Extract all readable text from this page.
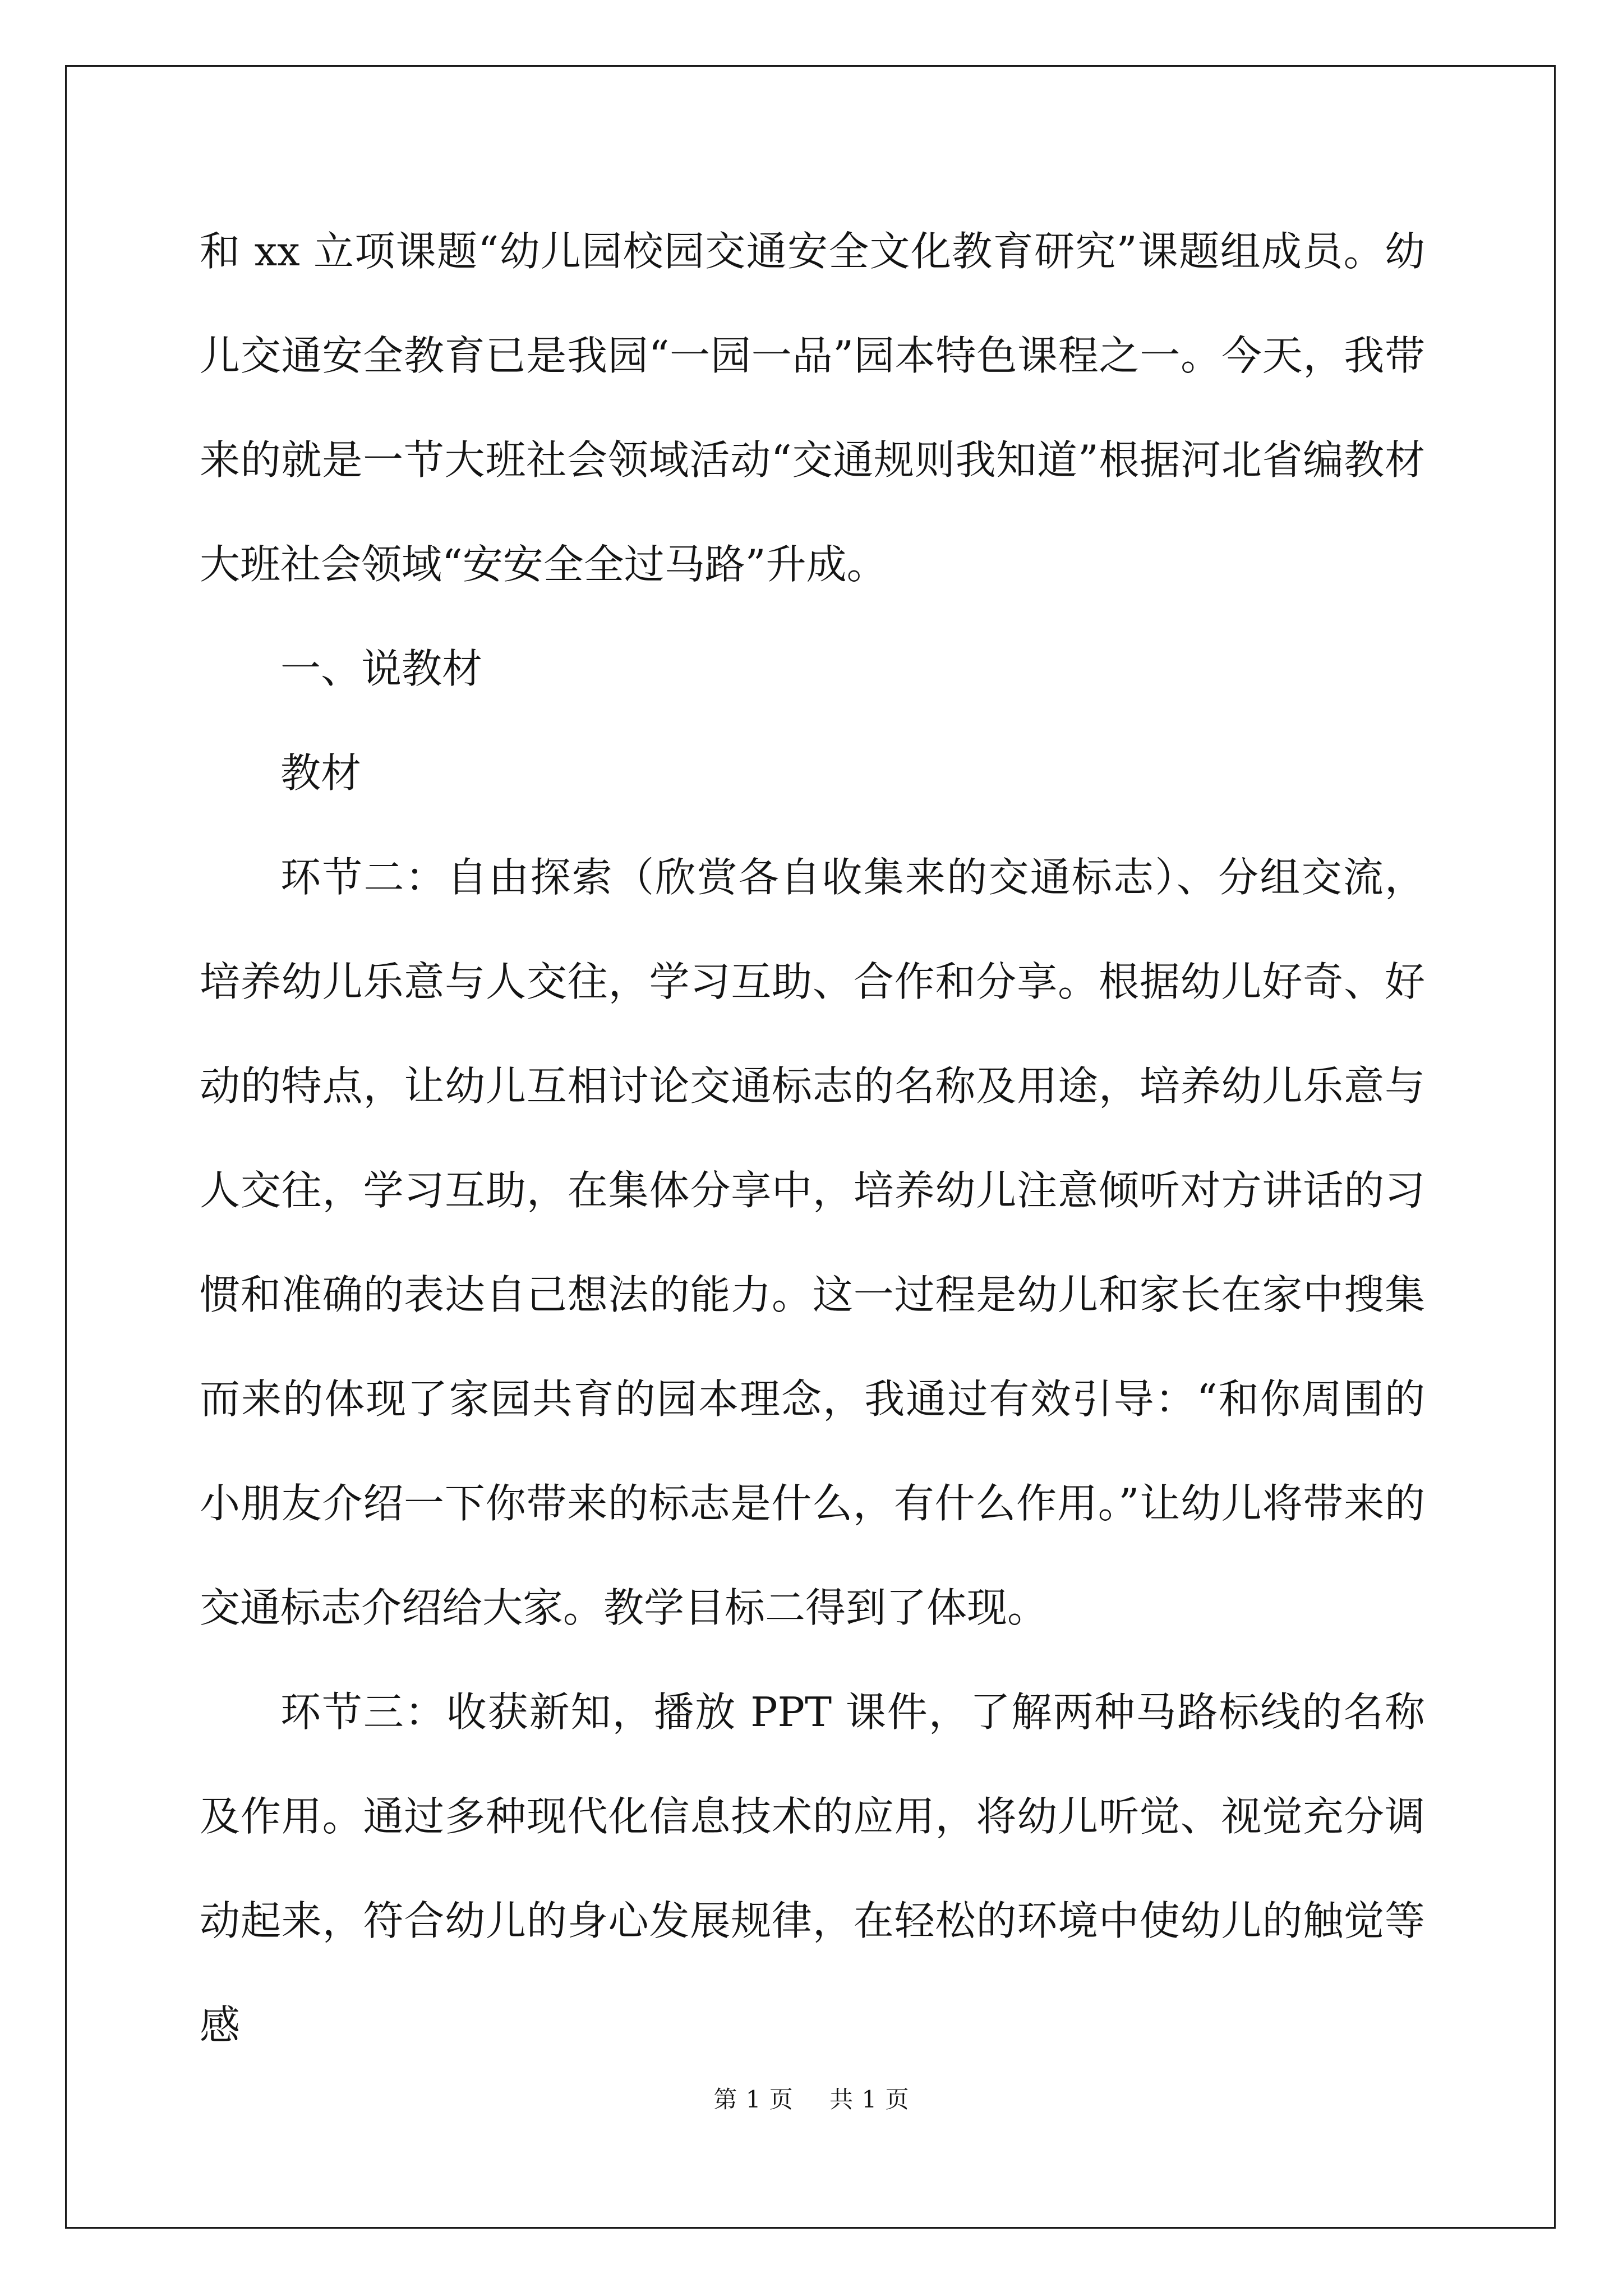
和 xx 立项课题“幼儿园校园交通安全文化教育研究”课题组成员。幼儿交通安全教育已是我园“一园一品”园本特色课程之一。今天，我带来的就是一节大班社会领域活动“交通规则我知道”根据河北省编教材大班社会领域“安安全全过马路”升成。

一、说教材

教材

环节二：自由探索（欣赏各自收集来的交通标志）、分组交流，培养幼儿乐意与人交往，学习互助、合作和分享。根据幼儿好奇、好动的特点，让幼儿互相讨论交通标志的名称及用途，培养幼儿乐意与人交往，学习互助，在集体分享中，培养幼儿注意倾听对方讲话的习惯和准确的表达自己想法的能力。这一过程是幼儿和家长在家中搜集而来的体现了家园共育的园本理念，我通过有效引导：“和你周围的小朋友介绍一下你带来的标志是什么，有什么作用。”让幼儿将带来的交通标志介绍给大家。教学目标二得到了体现。

环节三：收获新知，播放 PPT 课件，了解两种马路标线的名称及作用。通过多种现代化信息技术的应用，将幼儿听觉、视觉充分调动起来，符合幼儿的身心发展规律，在轻松的环境中使幼儿的触觉等感

第 1 页 共 1 页
